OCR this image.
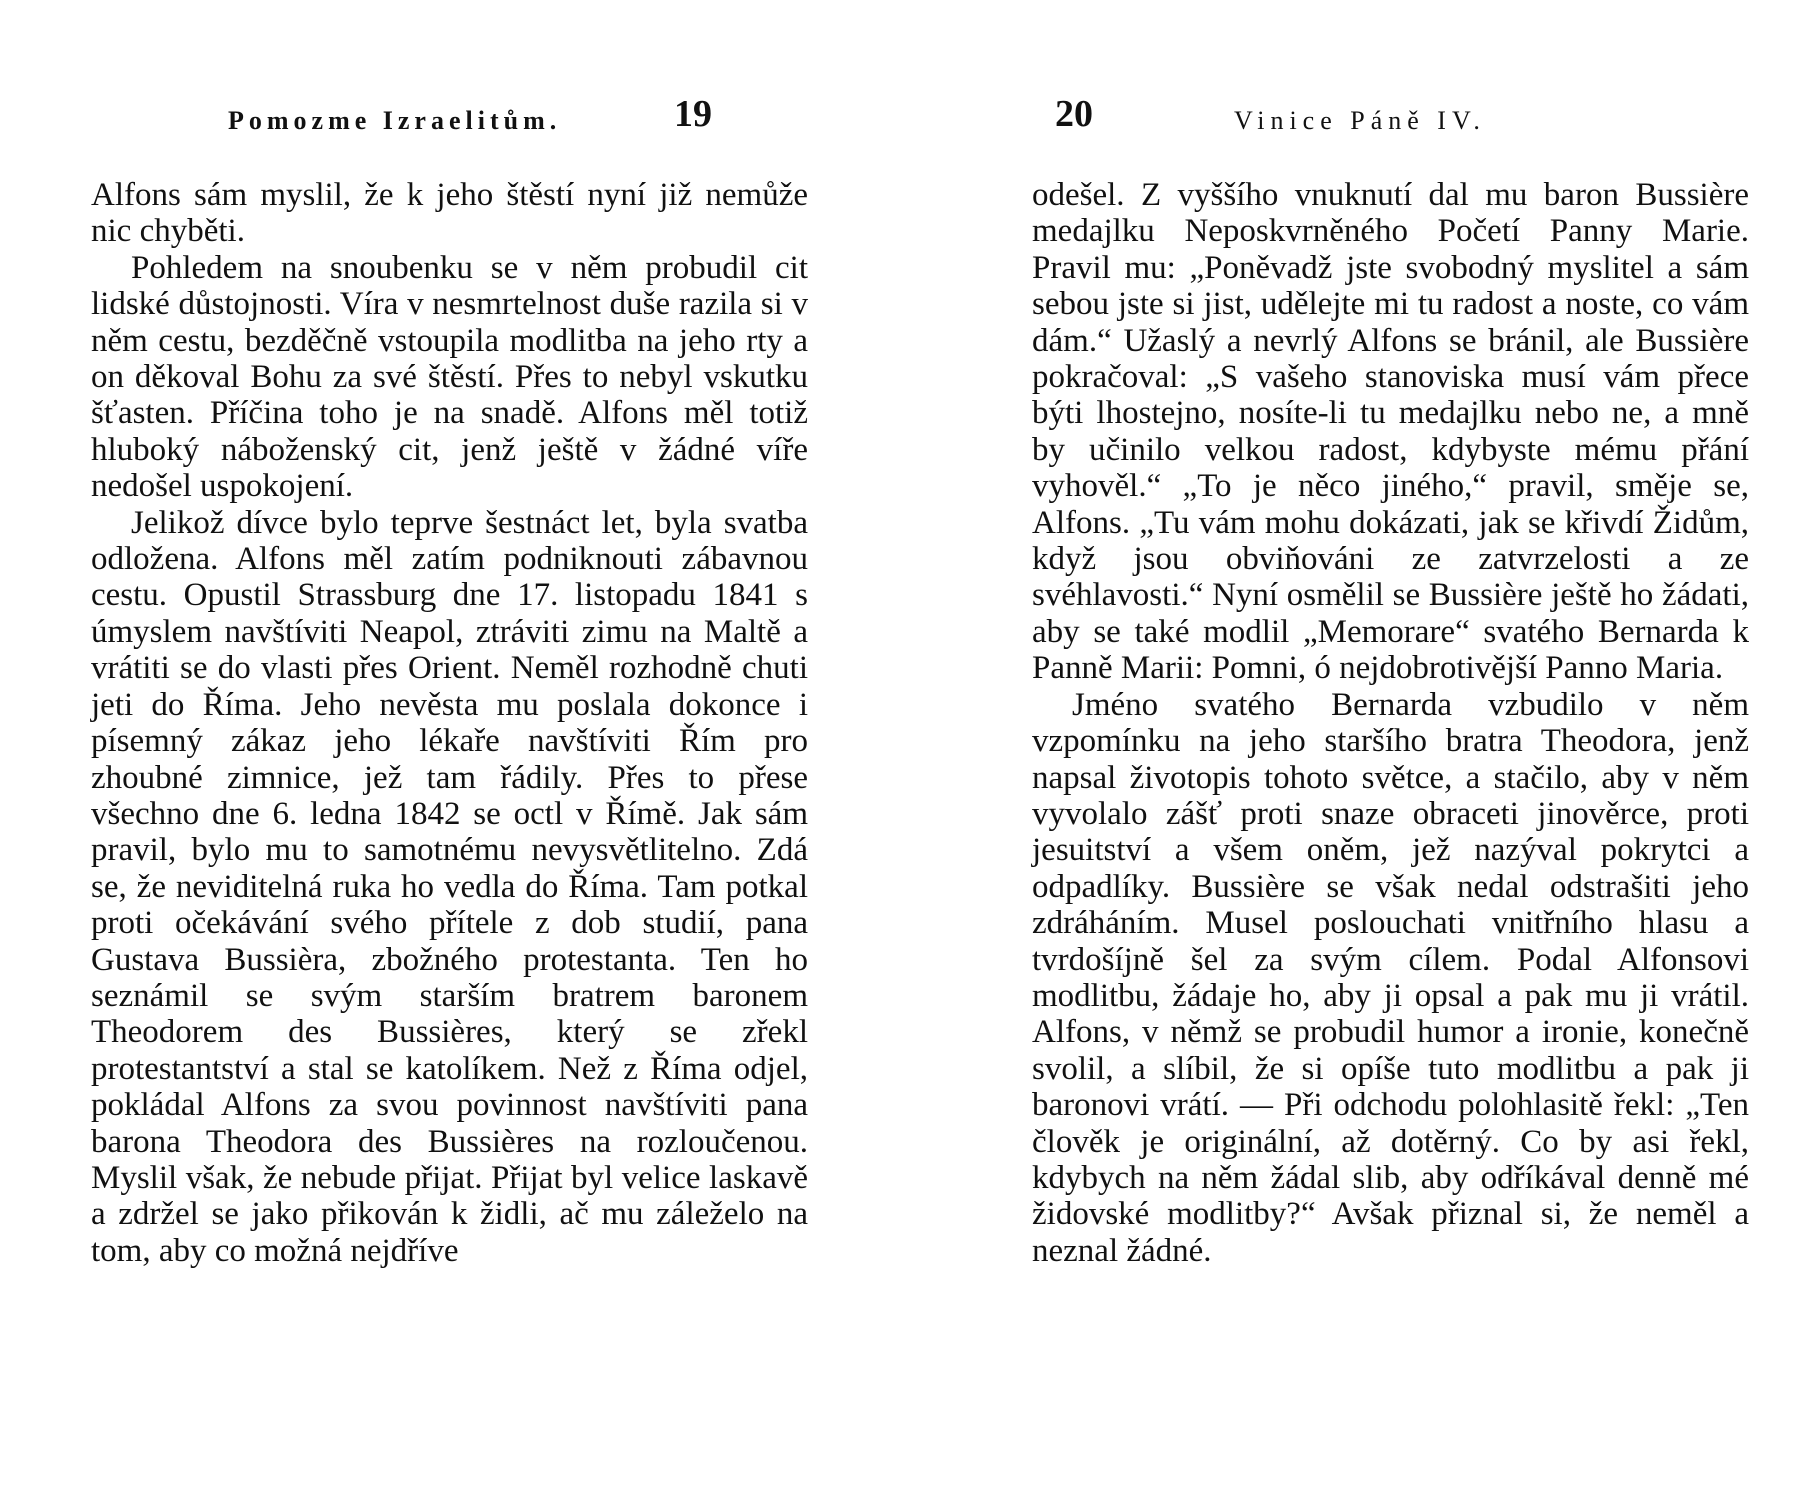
Pomozme Izraelitům.	19

Alfons sám myslil, že k jeho štěstí nyní již nemůže nic chyběti.

Pohledem na snoubenku se v něm probudil cit lidské důstojnosti. Víra v nesmrtelnost duše razila si v něm cestu, bezděčně vstoupila modlitba na jeho rty a on děkoval Bohu za své štěstí. Přes to nebyl vskutku šťasten. Příčina toho je na snadě. Alfons měl totiž hluboký náboženský cit, jenž ještě v žádné víře nedošel uspokojení.

Jelikož dívce bylo teprve šestnáct let, byla svatba odložena. Alfons měl zatím podniknouti zábavnou cestu. Opustil Strassburg dne 17. listopadu 1841 s úmyslem navštíviti Neapol, ztráviti zimu na Maltě a vrátiti se do vlasti přes Orient. Neměl rozhodně chuti jeti do Říma. Jeho nevěsta mu poslala dokonce i písemný zákaz jeho lékaře navštíviti Řím pro zhoubné zimnice, jež tam řádily. Přes to přese všechno dne 6. ledna 1842 se octl v Římě. Jak sám pravil, bylo mu to samotnému nevysvětlitelno. Zdá se, že neviditelná ruka ho vedla do Říma. Tam potkal proti očekávání svého přítele z dob studií, pana Gustava Bussièra, zbožného protestanta. Ten ho seznámil se svým starším bratrem baronem Theodorem des Bussières, který se zřekl protestantství a stal se katolíkem. Než z Říma odjel, pokládal Alfons za svou povinnost navštíviti pana barona Theodora des Bussières na rozloučenou. Myslil však, že nebude přijat. Přijat byl velice laskavě a zdržel se jako přikován k židli, ač mu záleželo na tom, aby co možná nejdříve

20	Vinice Páně IV.

odešel. Z vyššího vnuknutí dal mu baron Bussière medajlku Neposkvrněného Početí Panny Marie. Pravil mu: „Poněvadž jste svobodný myslitel a sám sebou jste si jist, udělejte mi tu radost a noste, co vám dám.“ Užaslý a nevrlý Alfons se bránil, ale Bussière pokračoval: „S vašeho stanoviska musí vám přece býti lhostejno, nosíte-li tu medajlku nebo ne, a mně by učinilo velkou radost, kdybyste mému přání vyhověl.“ „To je něco jiného,“ pravil, směje se, Alfons. „Tu vám mohu dokázati, jak se křivdí Židům, když jsou obviňováni ze zatvrzelosti a ze svéhlavosti.“ Nyní osmělil se Bussière ještě ho žádati, aby se také modlil „Memorare“ svatého Bernarda k Panně Marii: Pomni, ó nejdobrotivější Panno Maria.

Jméno svatého Bernarda vzbudilo v něm vzpomínku na jeho staršího bratra Theodora, jenž napsal životopis tohoto světce, a stačilo, aby v něm vyvolalo zášť proti snaze obraceti jinověrce, proti jesuitství a všem oněm, jež nazýval pokrytci a odpadlíky. Bussière se však nedal odstrašiti jeho zdráháním. Musel poslouchati vnitřního hlasu a tvrdošíjně šel za svým cílem. Podal Alfonsovi modlitbu, žádaje ho, aby ji opsal a pak mu ji vrátil. Alfons, v němž se probudil humor a ironie, konečně svolil, a slíbil, že si opíše tuto modlitbu a pak ji baronovi vrátí. — Při odchodu polohlasitě řekl: „Ten člověk je originální, až dotěrný. Co by asi řekl, kdybych na něm žádal slib, aby odříkával denně mé židovské modlitby?“ Avšak přiznal si, že neměl a neznal žádné.
